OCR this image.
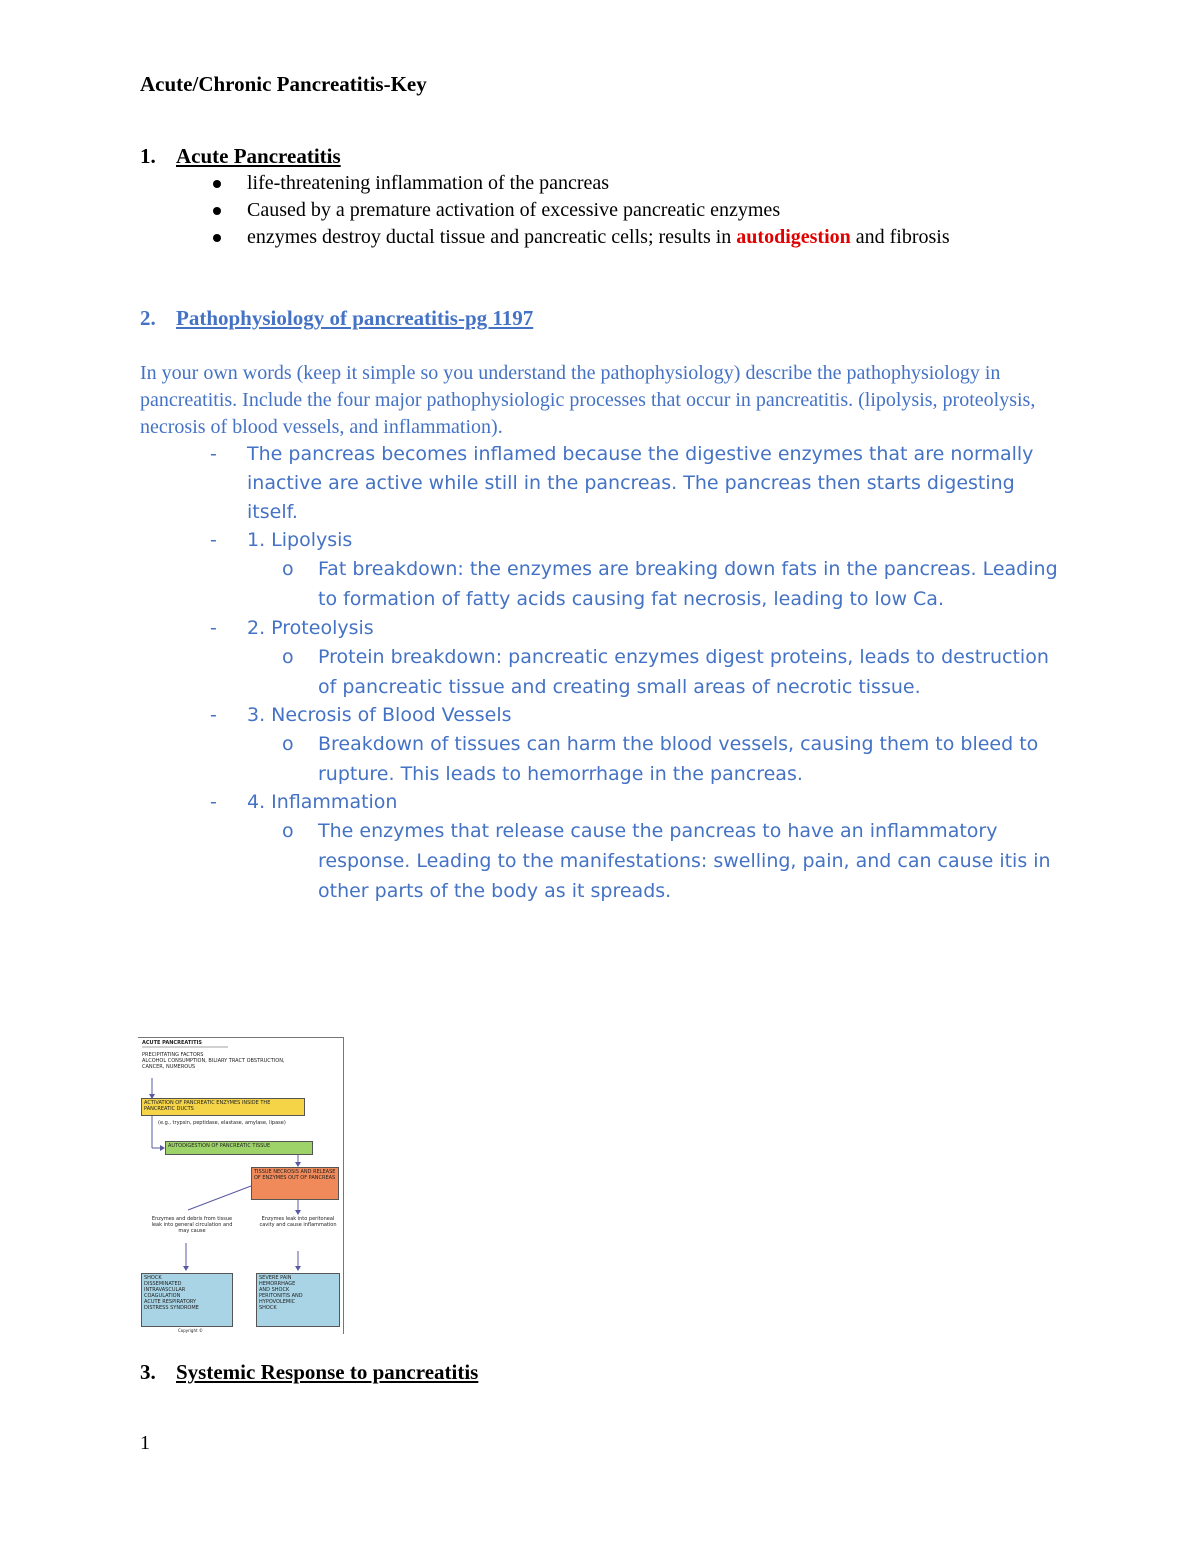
Acute/Chronic Pancreatitis-Key
1. Acute Pancreatitis
life-threatening inflammation of the pancreas
Caused by a premature activation of excessive pancreatic enzymes
enzymes destroy ductal tissue and pancreatic cells; results in autodigestion and fibrosis
2. Pathophysiology of pancreatitis-pg 1197
In your own words (keep it simple so you understand the pathophysiology) describe the pathophysiology in pancreatitis. Include the four major pathophysiologic processes that occur in pancreatitis. (lipolysis, proteolysis, necrosis of blood vessels, and inflammation).
- The pancreas becomes inflamed because the digestive enzymes that are normally inactive are active while still in the pancreas. The pancreas then starts digesting itself.
- 1. Lipolysis
o Fat breakdown: the enzymes are breaking down fats in the pancreas. Leading to formation of fatty acids causing fat necrosis, leading to low Ca.
- 2. Proteolysis
o Protein breakdown: pancreatic enzymes digest proteins, leads to destruction of pancreatic tissue and creating small areas of necrotic tissue.
- 3. Necrosis of Blood Vessels
o Breakdown of tissues can harm the blood vessels, causing them to bleed to rupture. This leads to hemorrhage in the pancreas.
- 4. Inflammation
o The enzymes that release cause the pancreas to have an inflammatory response. Leading to the manifestations: swelling, pain, and can cause itis in other parts of the body as it spreads.
ACUTE PANCREATITIS
PRECIPITATING FACTORS
ALCOHOL CONSUMPTION, BILIARY TRACT OBSTRUCTION,
CANCER, NUMEROUS
ACTIVATION OF PANCREATIC ENZYMES INSIDE THE PANCREATIC DUCTS
(e.g., trypsin, peptidase, elastase, amylase, lipase)
AUTODIGESTION OF PANCREATIC TISSUE
TISSUE NECROSIS AND RELEASE OF ENZYMES OUT OF PANCREAS
Enzymes and debris from tissue leak into general circulation and may cause
Enzymes leak into peritoneal cavity and cause inflammation
SHOCK
DISSEMINATED
INTRAVASCULAR
COAGULATION
ACUTE RESPIRATORY
DISTRESS SYNDROME
SEVERE PAIN
HEMORRHAGE
AND SHOCK
PERITONITIS AND
HYPOVOLEMIC
SHOCK
Copyright ©
3. Systemic Response to pancreatitis
1
